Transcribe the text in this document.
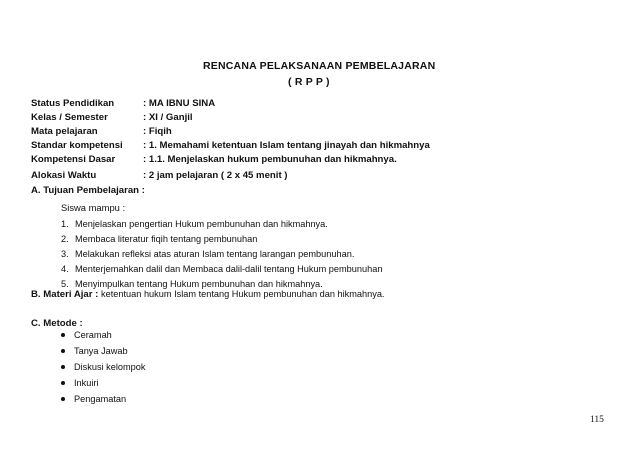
RENCANA PELAKSANAAN PEMBELAJARAN
( R P P )
Status Pendidikan	: MA IBNU SINA
Kelas / Semester	: XI / Ganjil
Mata pelajaran	: Fiqih
Standar kompetensi : 1. Memahami ketentuan Islam tentang jinayah dan hikmahnya
Kompetensi Dasar	: 1.1. Menjelaskan hukum pembunuhan dan hikmahnya.
Alokasi Waktu	: 2 jam pelajaran ( 2 x 45 menit )
A. Tujuan Pembelajaran :
Siswa mampu :
1. Menjelaskan pengertian Hukum pembunuhan dan hikmahnya.
2. Membaca literatur fiqih tentang pembunuhan
3. Melakukan refleksi atas aturan Islam tentang larangan pembunuhan.
4. Menterjemahkan dalil dan Membaca dalil-dalil tentang Hukum pembunuhan
5. Menyimpulkan tentang Hukum pembunuhan dan hikmahnya.
B. Materi Ajar : ketentuan hukum Islam tentang Hukum pembunuhan dan hikmahnya.
C. Metode :
Ceramah
Tanya Jawab
Diskusi kelompok
Inkuiri
Pengamatan
115
